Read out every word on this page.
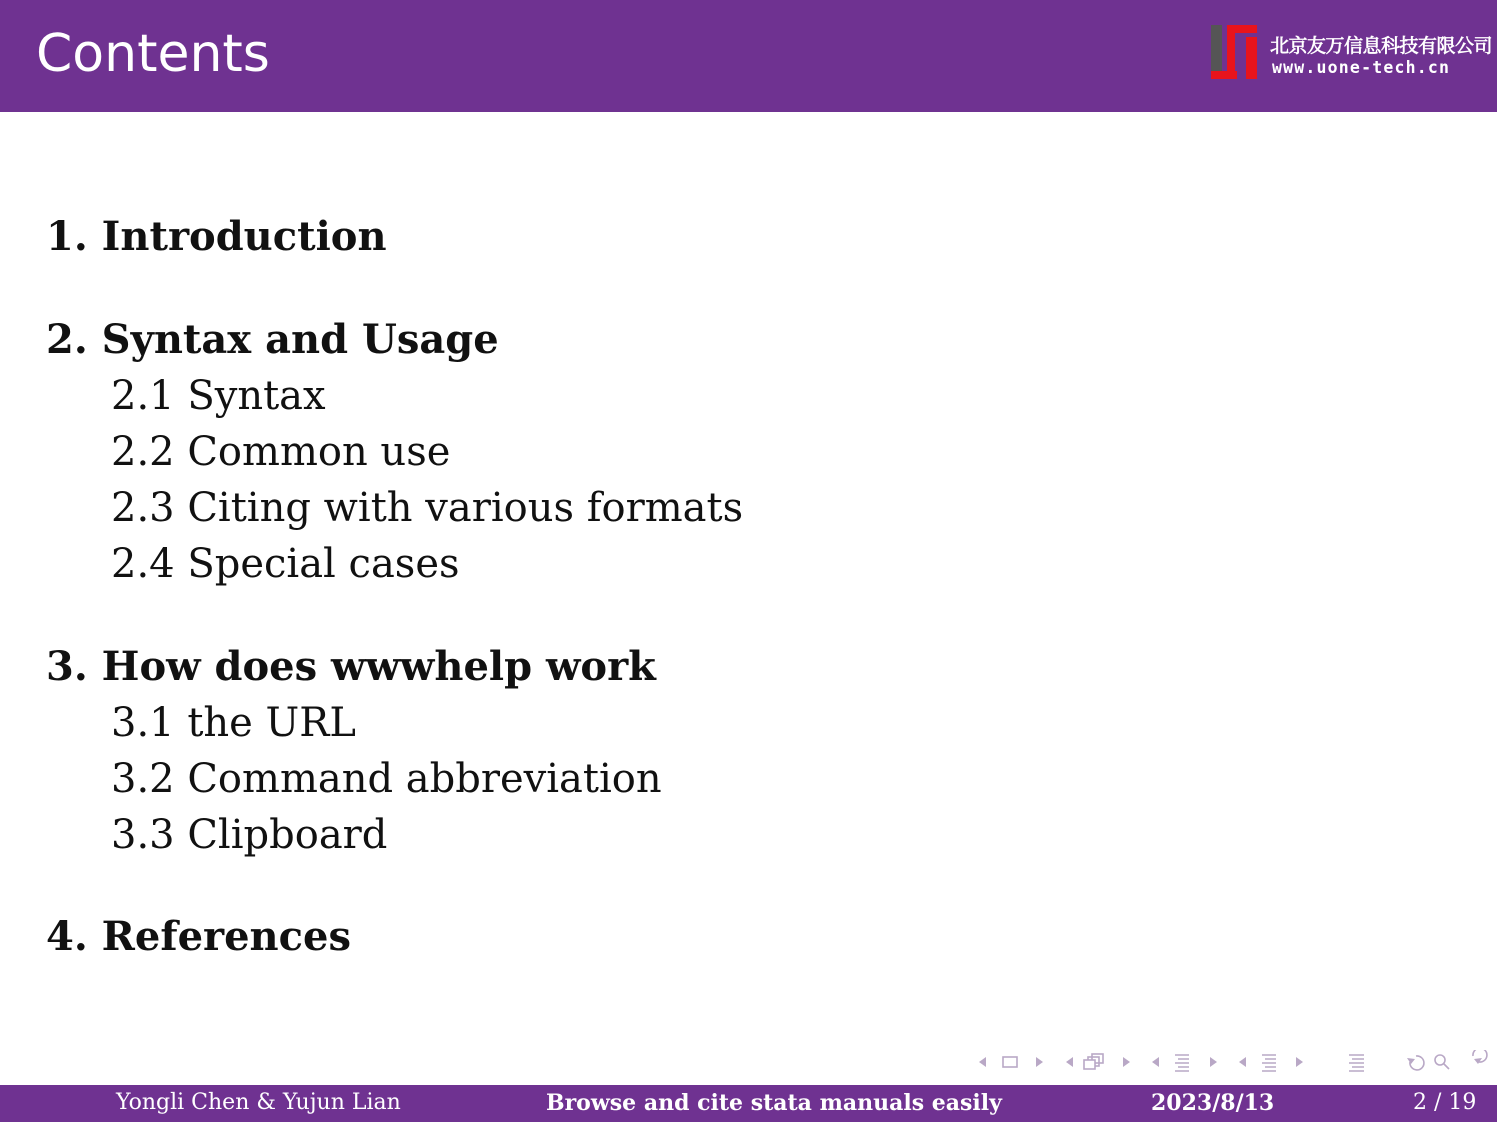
Contents	北京友万信息科技有限公司
www.uone-tech.cn
1. Introduction
2. Syntax and Usage
2.1 Syntax
2.2 Common use
2.3 Citing with various formats
2.4 Special cases
3. How does wwwhelp work
3.1 the URL
3.2 Command abbreviation
3.3 Clipboard
4. References
Yongli Chen & Yujun Lian	Browse and cite stata manuals easily	2023/8/13	2 / 19
